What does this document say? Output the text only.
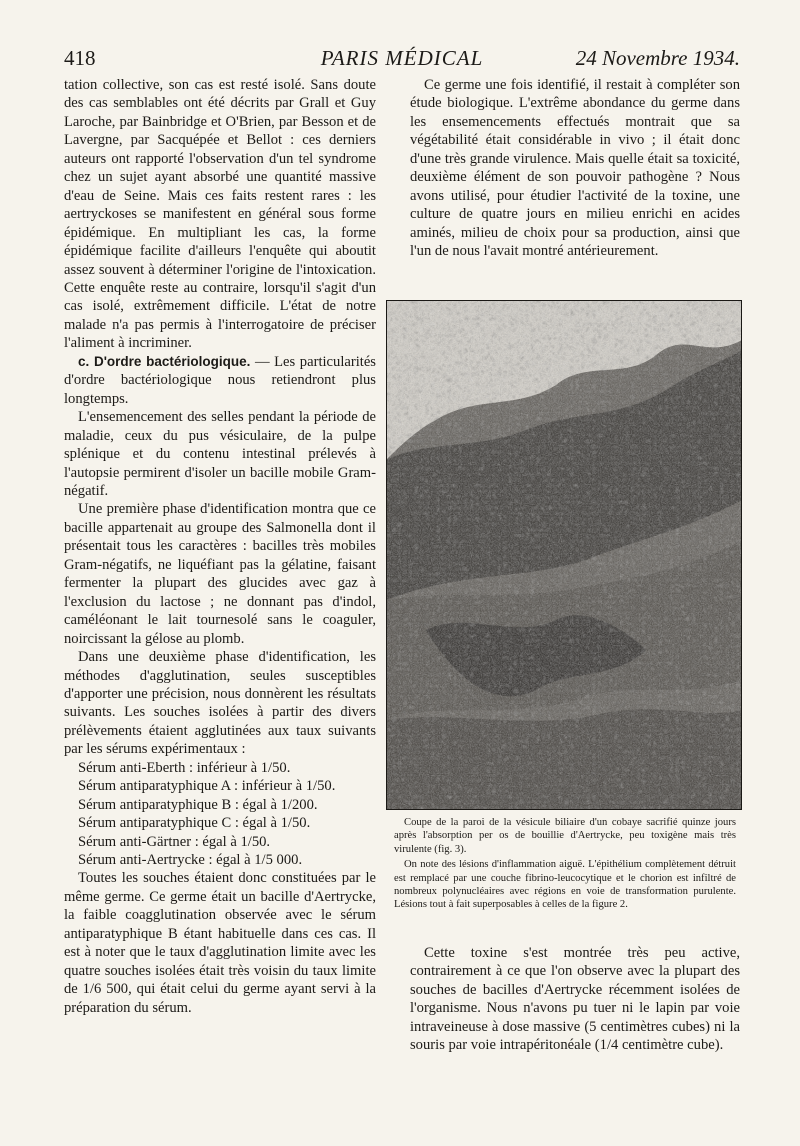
418	PARIS MÉDICAL	24 Novembre 1934.

tation collective, son cas est resté isolé. Sans doute des cas semblables ont été décrits par Grall et Guy Laroche, par Bainbridge et O'Brien, par Besson et de Lavergne, par Sacquépée et Bellot : ces derniers auteurs ont rapporté l'observation d'un tel syndrome chez un sujet ayant absorbé une quantité massive d'eau de Seine. Mais ces faits restent rares : les aertryckoses se manifestent en général sous forme épidémique. En multipliant les cas, la forme épidémique facilite d'ailleurs l'enquête qui aboutit assez souvent à déterminer l'origine de l'intoxication. Cette enquête reste au contraire, lorsqu'il s'agit d'un cas isolé, extrêmement difficile. L'état de notre malade n'a pas permis à l'interrogatoire de préciser l'aliment à incriminer.

c. D'ordre bactériologique. — Les particularités d'ordre bactériologique nous retiendront plus longtemps.

L'ensemencement des selles pendant la période de maladie, ceux du pus vésiculaire, de la pulpe splénique et du contenu intestinal prélevés à l'autopsie permirent d'isoler un bacille mobile Gram-négatif.

Une première phase d'identification montra que ce bacille appartenait au groupe des Salmonella dont il présentait tous les caractères : bacilles très mobiles Gram-négatifs, ne liquéfiant pas la gélatine, faisant fermenter la plupart des glucides avec gaz à l'exclusion du lactose ; ne donnant pas d'indol, caméléonant le lait tournesolé sans le coaguler, noircissant la gélose au plomb.

Dans une deuxième phase d'identification, les méthodes d'agglutination, seules susceptibles d'apporter une précision, nous donnèrent les résultats suivants. Les souches isolées à partir des divers prélèvements étaient agglutinées aux taux suivants par les sérums expérimentaux :

Sérum anti-Eberth : inférieur à 1/50.
Sérum antiparatyphique A : inférieur à 1/50.
Sérum antiparatyphique B : égal à 1/200.
Sérum antiparatyphique C : égal à 1/50.
Sérum anti-Gärtner : égal à 1/50.
Sérum anti-Aertrycke : égal à 1/5 000.

Toutes les souches étaient donc constituées par le même germe. Ce germe était un bacille d'Aertrycke, la faible coagglutination observée avec le sérum antiparatyphique B étant habituelle dans ces cas. Il est à noter que le taux d'agglutination limite avec les quatre souches isolées était très voisin du taux limite de 1/6 500, qui était celui du germe ayant servi à la préparation du sérum.

Ce germe une fois identifié, il restait à compléter son étude biologique. L'extrême abondance du germe dans les ensemencements effectués montrait que sa végétabilité était considérable in vivo ; il était donc d'une très grande virulence. Mais quelle était sa toxicité, deuxième élément de son pouvoir pathogène ? Nous avons utilisé, pour étudier l'activité de la toxine, une culture de quatre jours en milieu enrichi en acides aminés, milieu de choix pour sa production, ainsi que l'un de nous l'avait montré antérieurement.

Coupe de la paroi de la vésicule biliaire d'un cobaye sacrifié quinze jours après l'absorption per os de bouillie d'Aertrycke, peu toxigène mais très virulente (fig. 3).

On note des lésions d'inflammation aiguë. L'épithélium complètement détruit est remplacé par une couche fibrino-leucocytique et le chorion est infiltré de nombreux polynucléaires avec régions en voie de transformation purulente. Lésions tout à fait superposables à celles de la figure 2.

Cette toxine s'est montrée très peu active, contrairement à ce que l'on observe avec la plupart des souches de bacilles d'Aertrycke récemment isolées de l'organisme. Nous n'avons pu tuer ni le lapin par voie intraveineuse à dose massive (5 centimètres cubes) ni la souris par voie intrapéritonéale (1/4 centimètre cube).
